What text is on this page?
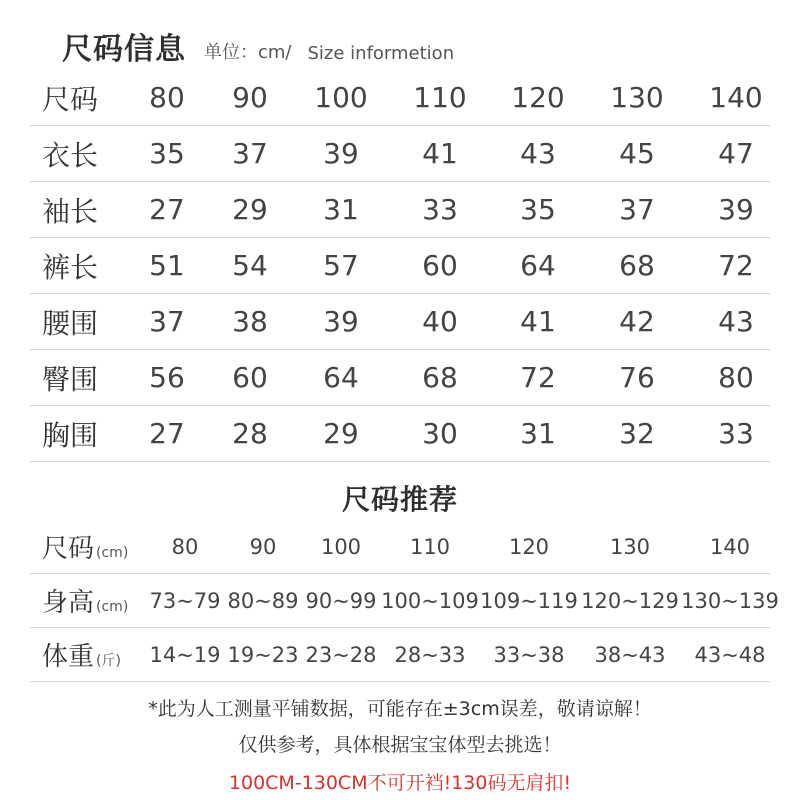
尺码信息 单位：cm/ Size informetion
尺码	80	90	100	110	120	130	140
衣长	35	37	39	41	43	45	47
袖长	27	29	31	33	35	37	39
裤长	51	54	57	60	64	68	72
腰围	37	38	39	40	41	42	43
臀围	56	60	64	68	72	76	80
胸围	27	28	29	30	31	32	33
尺码推荐
尺码 (cm)	80	90	100	110	120	130	140
身高 (cm)	73~79 80~89 90~99 100~109 109~119 120~129 130~139
体重 (斤)	14~19 19~23 23~28 28~33	33~38	38~43	43~48
*此为人工测量平铺数据，可能存在±3cm误差，敬请谅解！
仅供参考，具体根据宝宝体型去挑选！
100CM-130CM不可开裆!130码无肩扣!
